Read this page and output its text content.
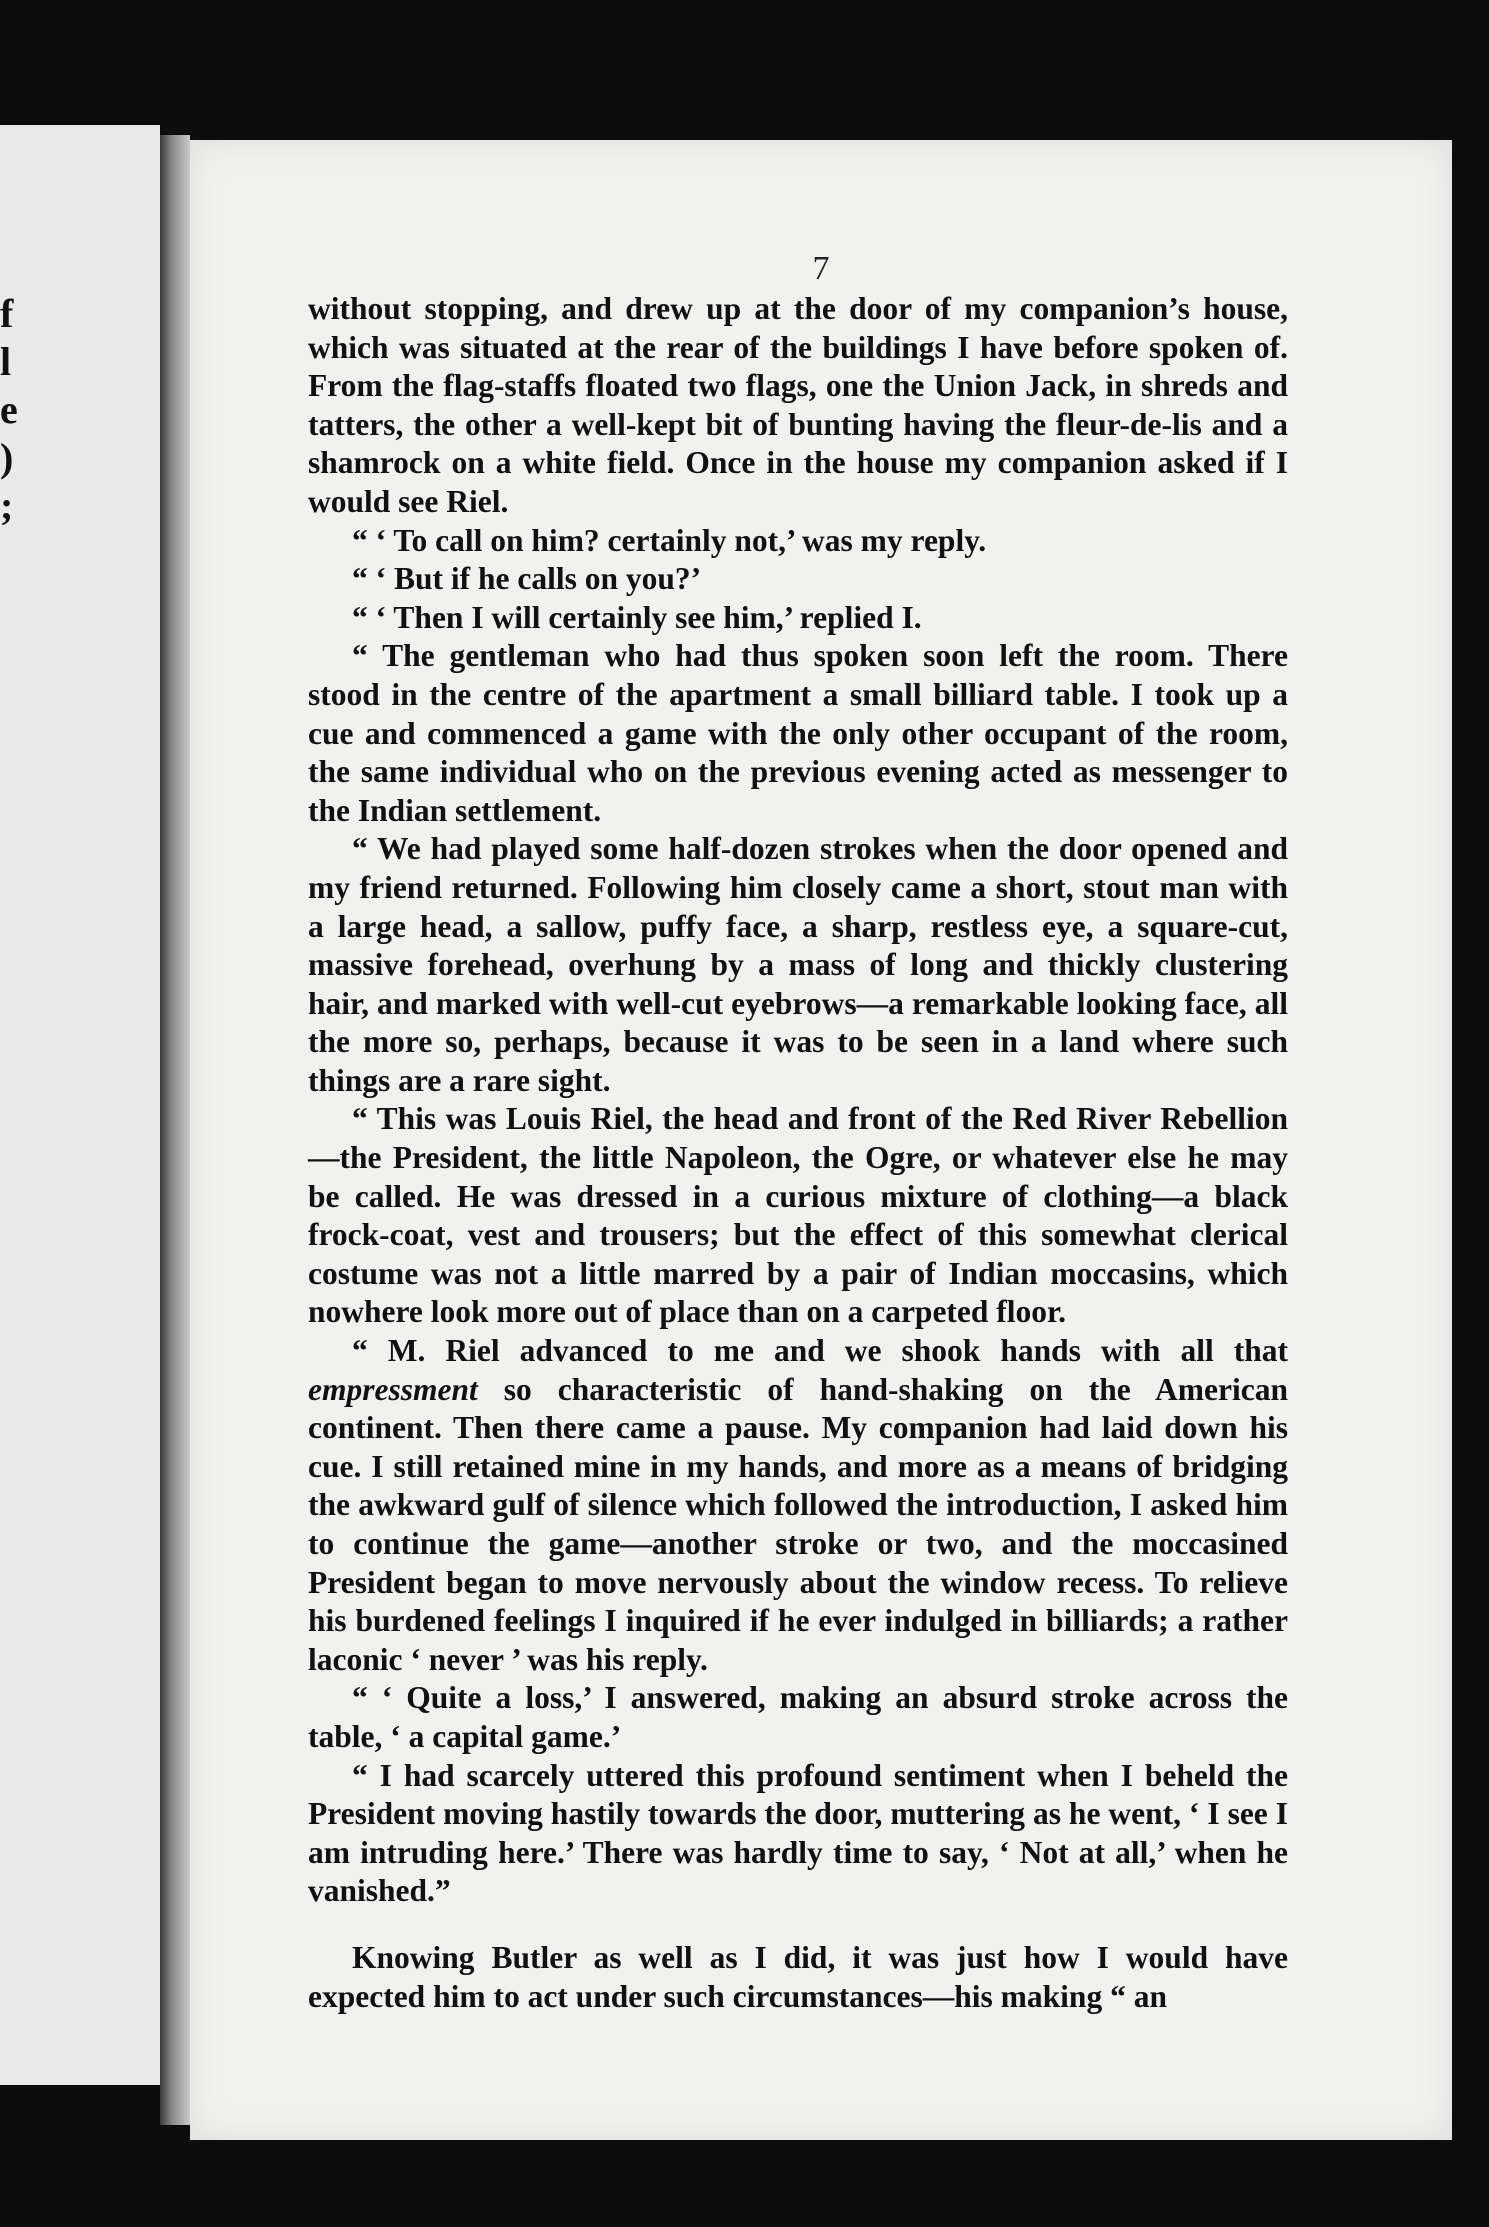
f
l
e
)
;
7

without stopping, and drew up at the door of my companion’s house, which was situated at the rear of the buildings I have before spoken of. From the flag-staffs floated two flags, one the Union Jack, in shreds and tatters, the other a well-kept bit of bunting having the fleur-de-lis and a shamrock on a white field. Once in the house my companion asked if I would see Riel.

“ ‘ To call on him? certainly not,’ was my reply.

“ ‘ But if he calls on you?’

“ ‘ Then I will certainly see him,’ replied I.

“ The gentleman who had thus spoken soon left the room. There stood in the centre of the apartment a small billiard table. I took up a cue and commenced a game with the only other occupant of the room, the same individual who on the previous evening acted as messenger to the Indian settlement.

“ We had played some half-dozen strokes when the door opened and my friend returned. Following him closely came a short, stout man with a large head, a sallow, puffy face, a sharp, restless eye, a square-cut, massive forehead, overhung by a mass of long and thickly clustering hair, and marked with well-cut eyebrows—a remarkable looking face, all the more so, perhaps, because it was to be seen in a land where such things are a rare sight.

“ This was Louis Riel, the head and front of the Red River Rebellion—the President, the little Napoleon, the Ogre, or whatever else he may be called. He was dressed in a curious mixture of clothing—a black frock-coat, vest and trousers; but the effect of this somewhat clerical costume was not a little marred by a pair of Indian moccasins, which nowhere look more out of place than on a carpeted floor.

“ M. Riel advanced to me and we shook hands with all that empressment so characteristic of hand-shaking on the American continent. Then there came a pause. My companion had laid down his cue. I still retained mine in my hands, and more as a means of bridging the awkward gulf of silence which followed the introduction, I asked him to continue the game—another stroke or two, and the moccasined President began to move nervously about the window recess. To relieve his burdened feelings I inquired if he ever indulged in billiards; a rather laconic ‘ never ’ was his reply.

“ ‘ Quite a loss,’ I answered, making an absurd stroke across the table, ‘ a capital game.’

“ I had scarcely uttered this profound sentiment when I beheld the President moving hastily towards the door, muttering as he went, ‘ I see I am intruding here.’ There was hardly time to say, ‘ Not at all,’ when he vanished.”

Knowing Butler as well as I did, it was just how I would have expected him to act under such circumstances—his making “ an
